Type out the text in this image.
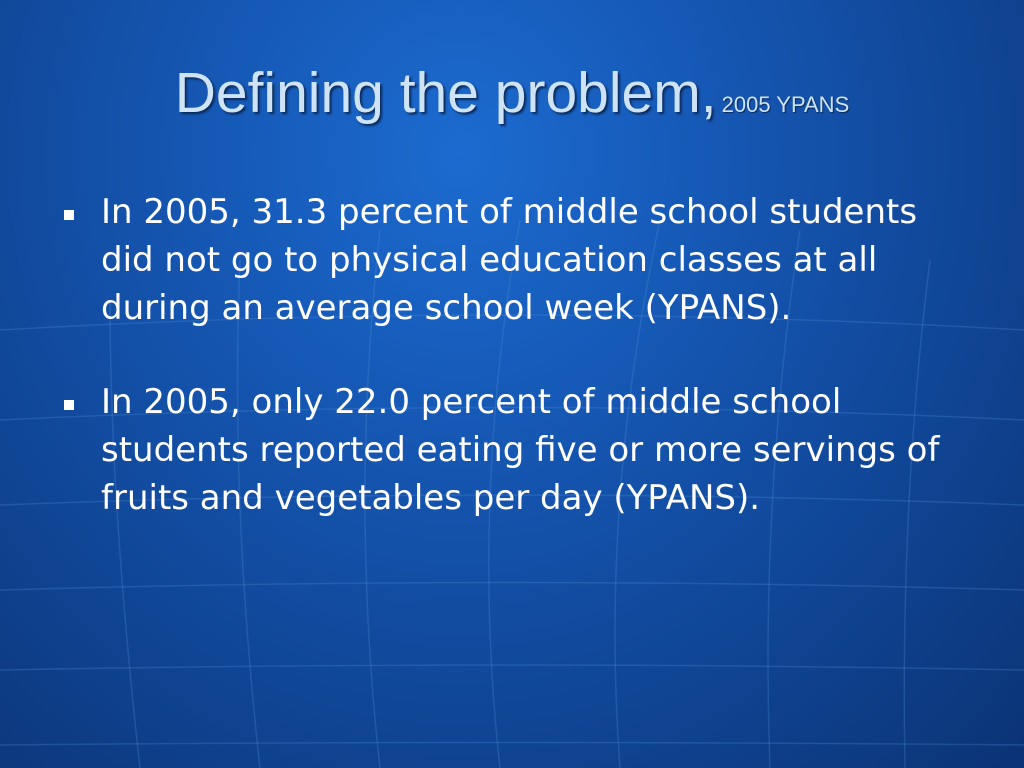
Defining the problem, 2005 YPANS
In 2005, 31.3 percent of middle school students did not go to physical education classes at all during an average school week (YPANS).
In 2005, only 22.0 percent of middle school students reported eating five or more servings of fruits and vegetables per day (YPANS).
